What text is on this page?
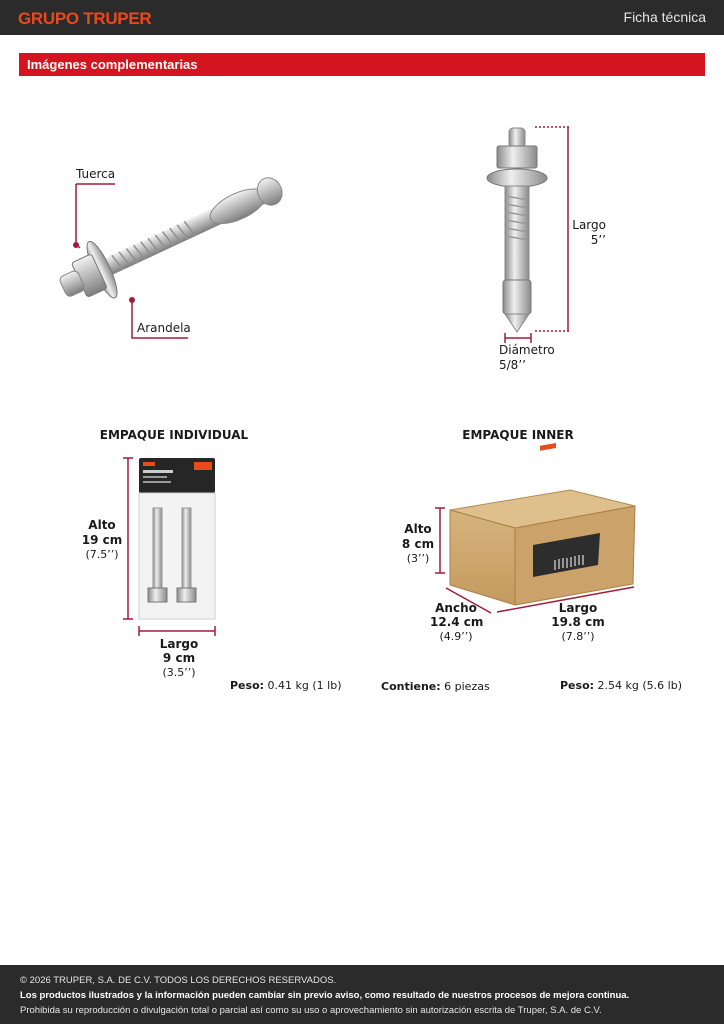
GRUPO TRUPER	Ficha técnica
Imágenes complementarias
Tuerca
Arandela
Largo
5’’
Diámetro
5/8’’
EMPAQUE INDIVIDUAL
Alto
19 cm
(7.5’’)
Largo
9 cm
(3.5’’)
Peso: 0.41 kg (1 lb)
EMPAQUE INNER
Alto
8 cm
(3’’)
Ancho
12.4 cm
(4.9’’)
Largo
19.8 cm
(7.8’’)
Contiene: 6 piezas	Peso: 2.54 kg (5.6 lb)
© 2026 TRUPER, S.A. DE C.V. TODOS LOS DERECHOS RESERVADOS.
Los productos ilustrados y la información pueden cambiar sin previo aviso, como resultado de nuestros procesos de mejora continua.
Prohibida su reproducción o divulgación total o parcial así como su uso o aprovechamiento sin autorización escrita de Truper, S.A. de C.V.
